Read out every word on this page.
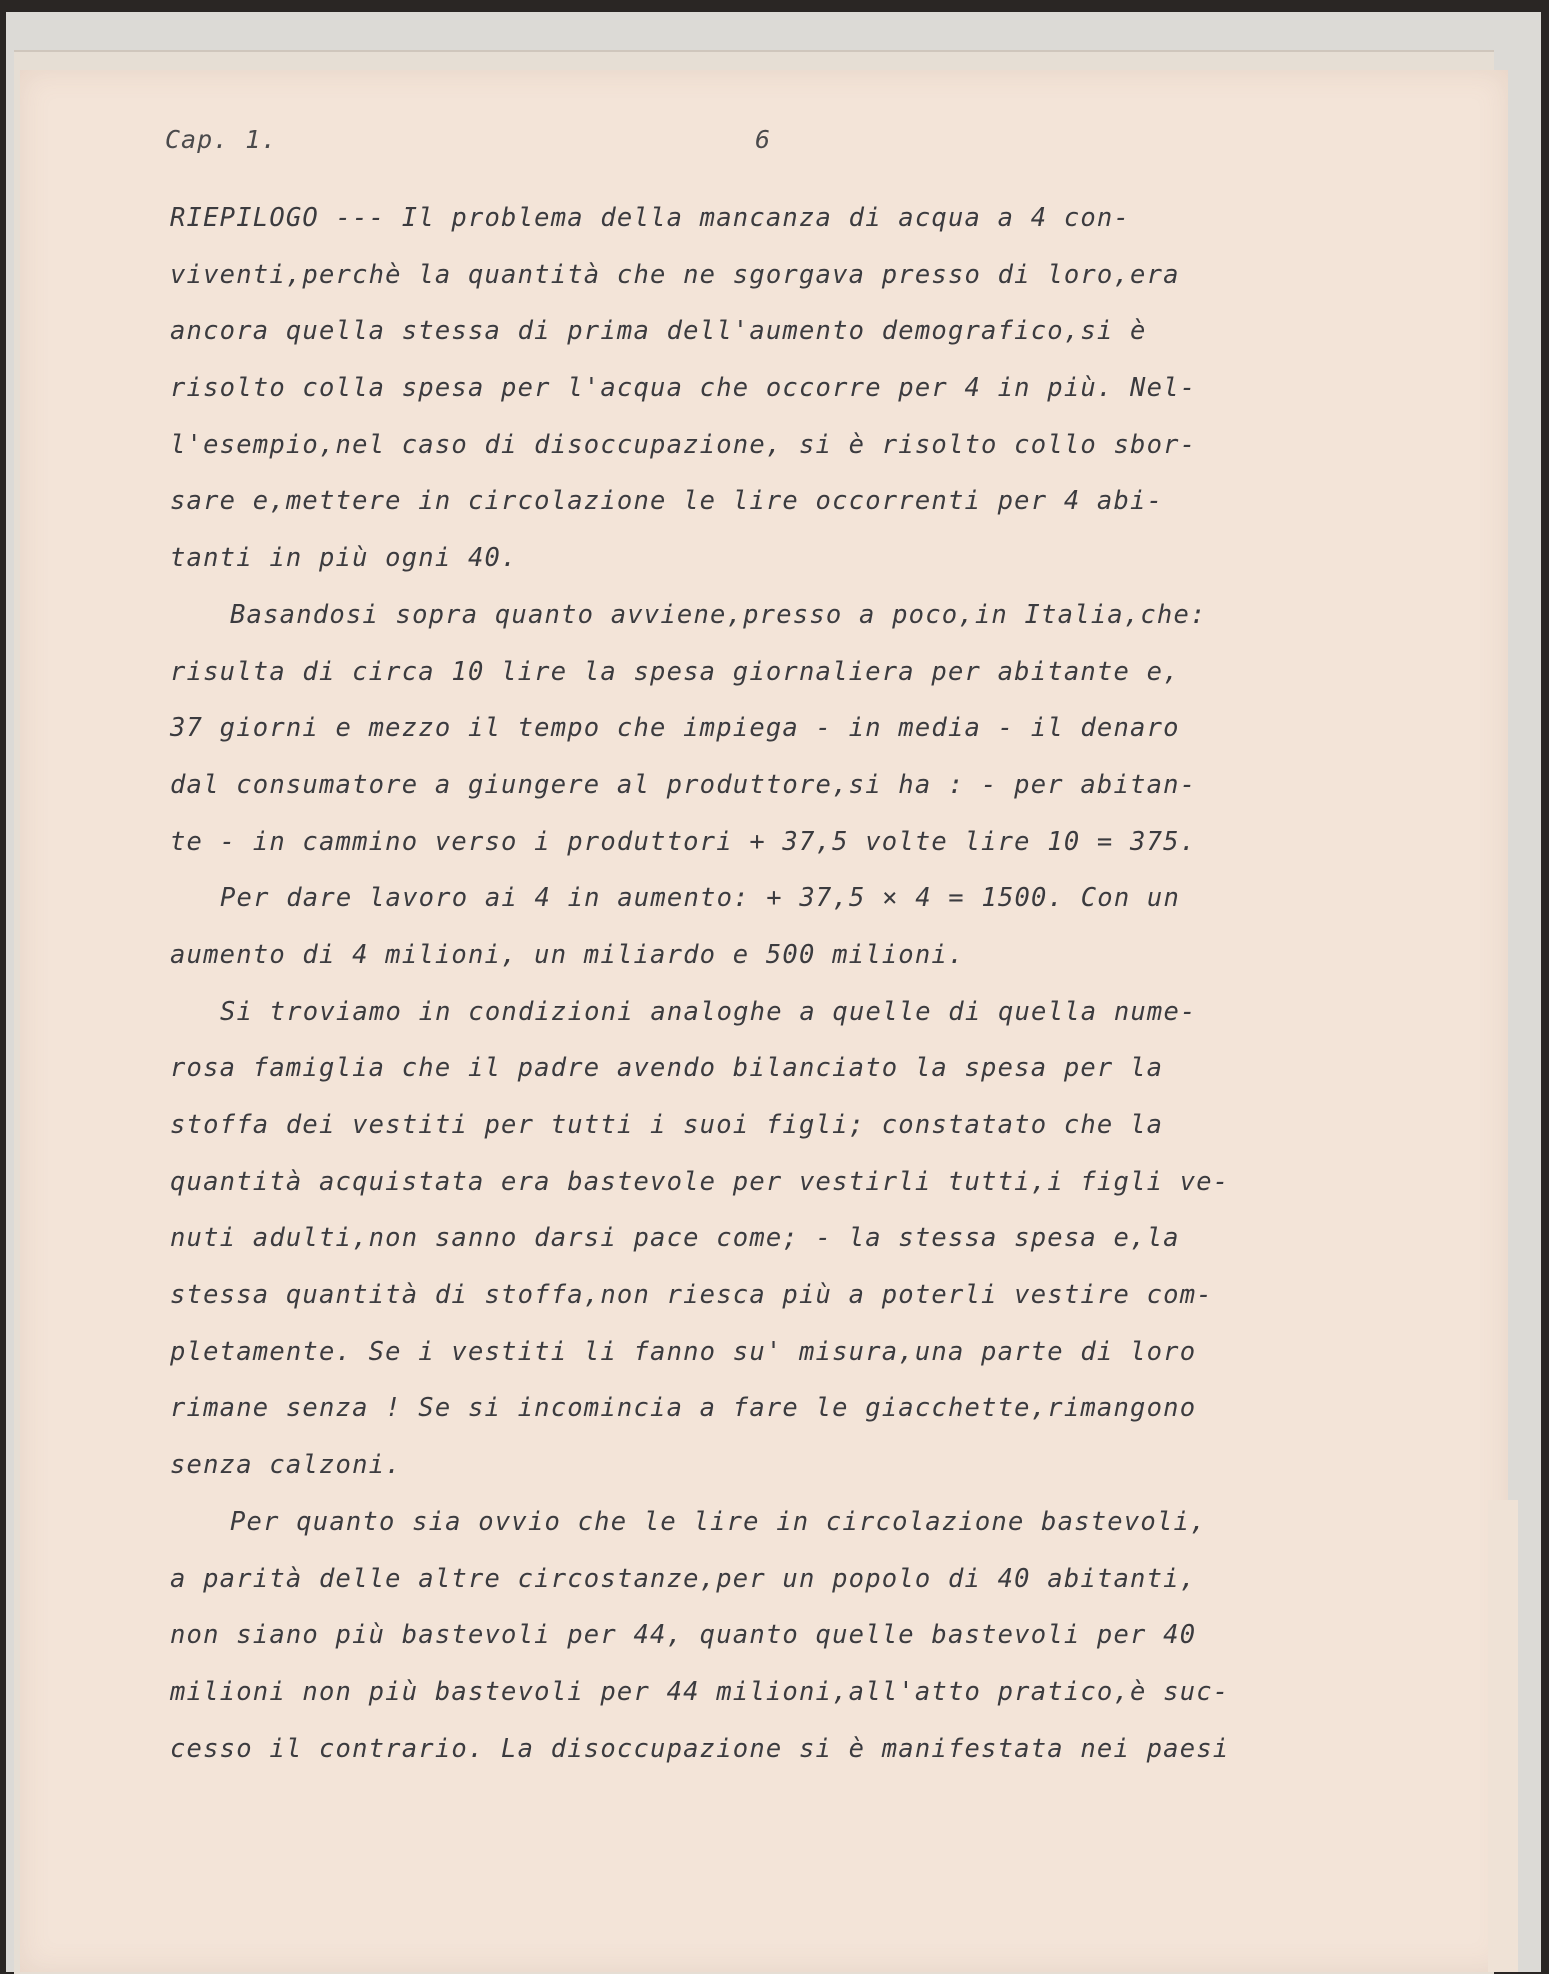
Cap. 1.	6
RIEPILOGO --- Il problema della mancanza di acqua a 4 con-
viventi,perchè la quantità che ne sgorgava presso di loro,era
ancora quella stessa di prima dell'aumento demografico,si è
risolto colla spesa per l'acqua che occorre per 4 in più. Nel-
l'esempio,nel caso di disoccupazione, si è risolto collo sbor-
sare e,mettere in circolazione le lire occorrenti per 4 abi-
tanti in più ogni 40.
Basandosi sopra quanto avviene,presso a poco,in Italia,che:
risulta di circa 10 lire la spesa giornaliera per abitante e,
37 giorni e mezzo il tempo che impiega - in media - il denaro
dal consumatore a giungere al produttore,si ha : - per abitan-
te - in cammino verso i produttori + 37,5 volte lire 10 = 375.
Per dare lavoro ai 4 in aumento: + 37,5 × 4 = 1500. Con un
aumento di 4 milioni, un miliardo e 500 milioni.
Si troviamo in condizioni analoghe a quelle di quella nume-
rosa famiglia che il padre avendo bilanciato la spesa per la
stoffa dei vestiti per tutti i suoi figli; constatato che la
quantità acquistata era bastevole per vestirli tutti,i figli ve-
nuti adulti,non sanno darsi pace come; - la stessa spesa e,la
stessa quantità di stoffa,non riesca più a poterli vestire com-
pletamente. Se i vestiti li fanno su' misura,una parte di loro
rimane senza ! Se si incomincia a fare le giacchette,rimangono
senza calzoni.
Per quanto sia ovvio che le lire in circolazione bastevoli,
a parità delle altre circostanze,per un popolo di 40 abitanti,
non siano più bastevoli per 44, quanto quelle bastevoli per 40
milioni non più bastevoli per 44 milioni,all'atto pratico,è suc-
cesso il contrario. La disoccupazione si è manifestata nei paesi
